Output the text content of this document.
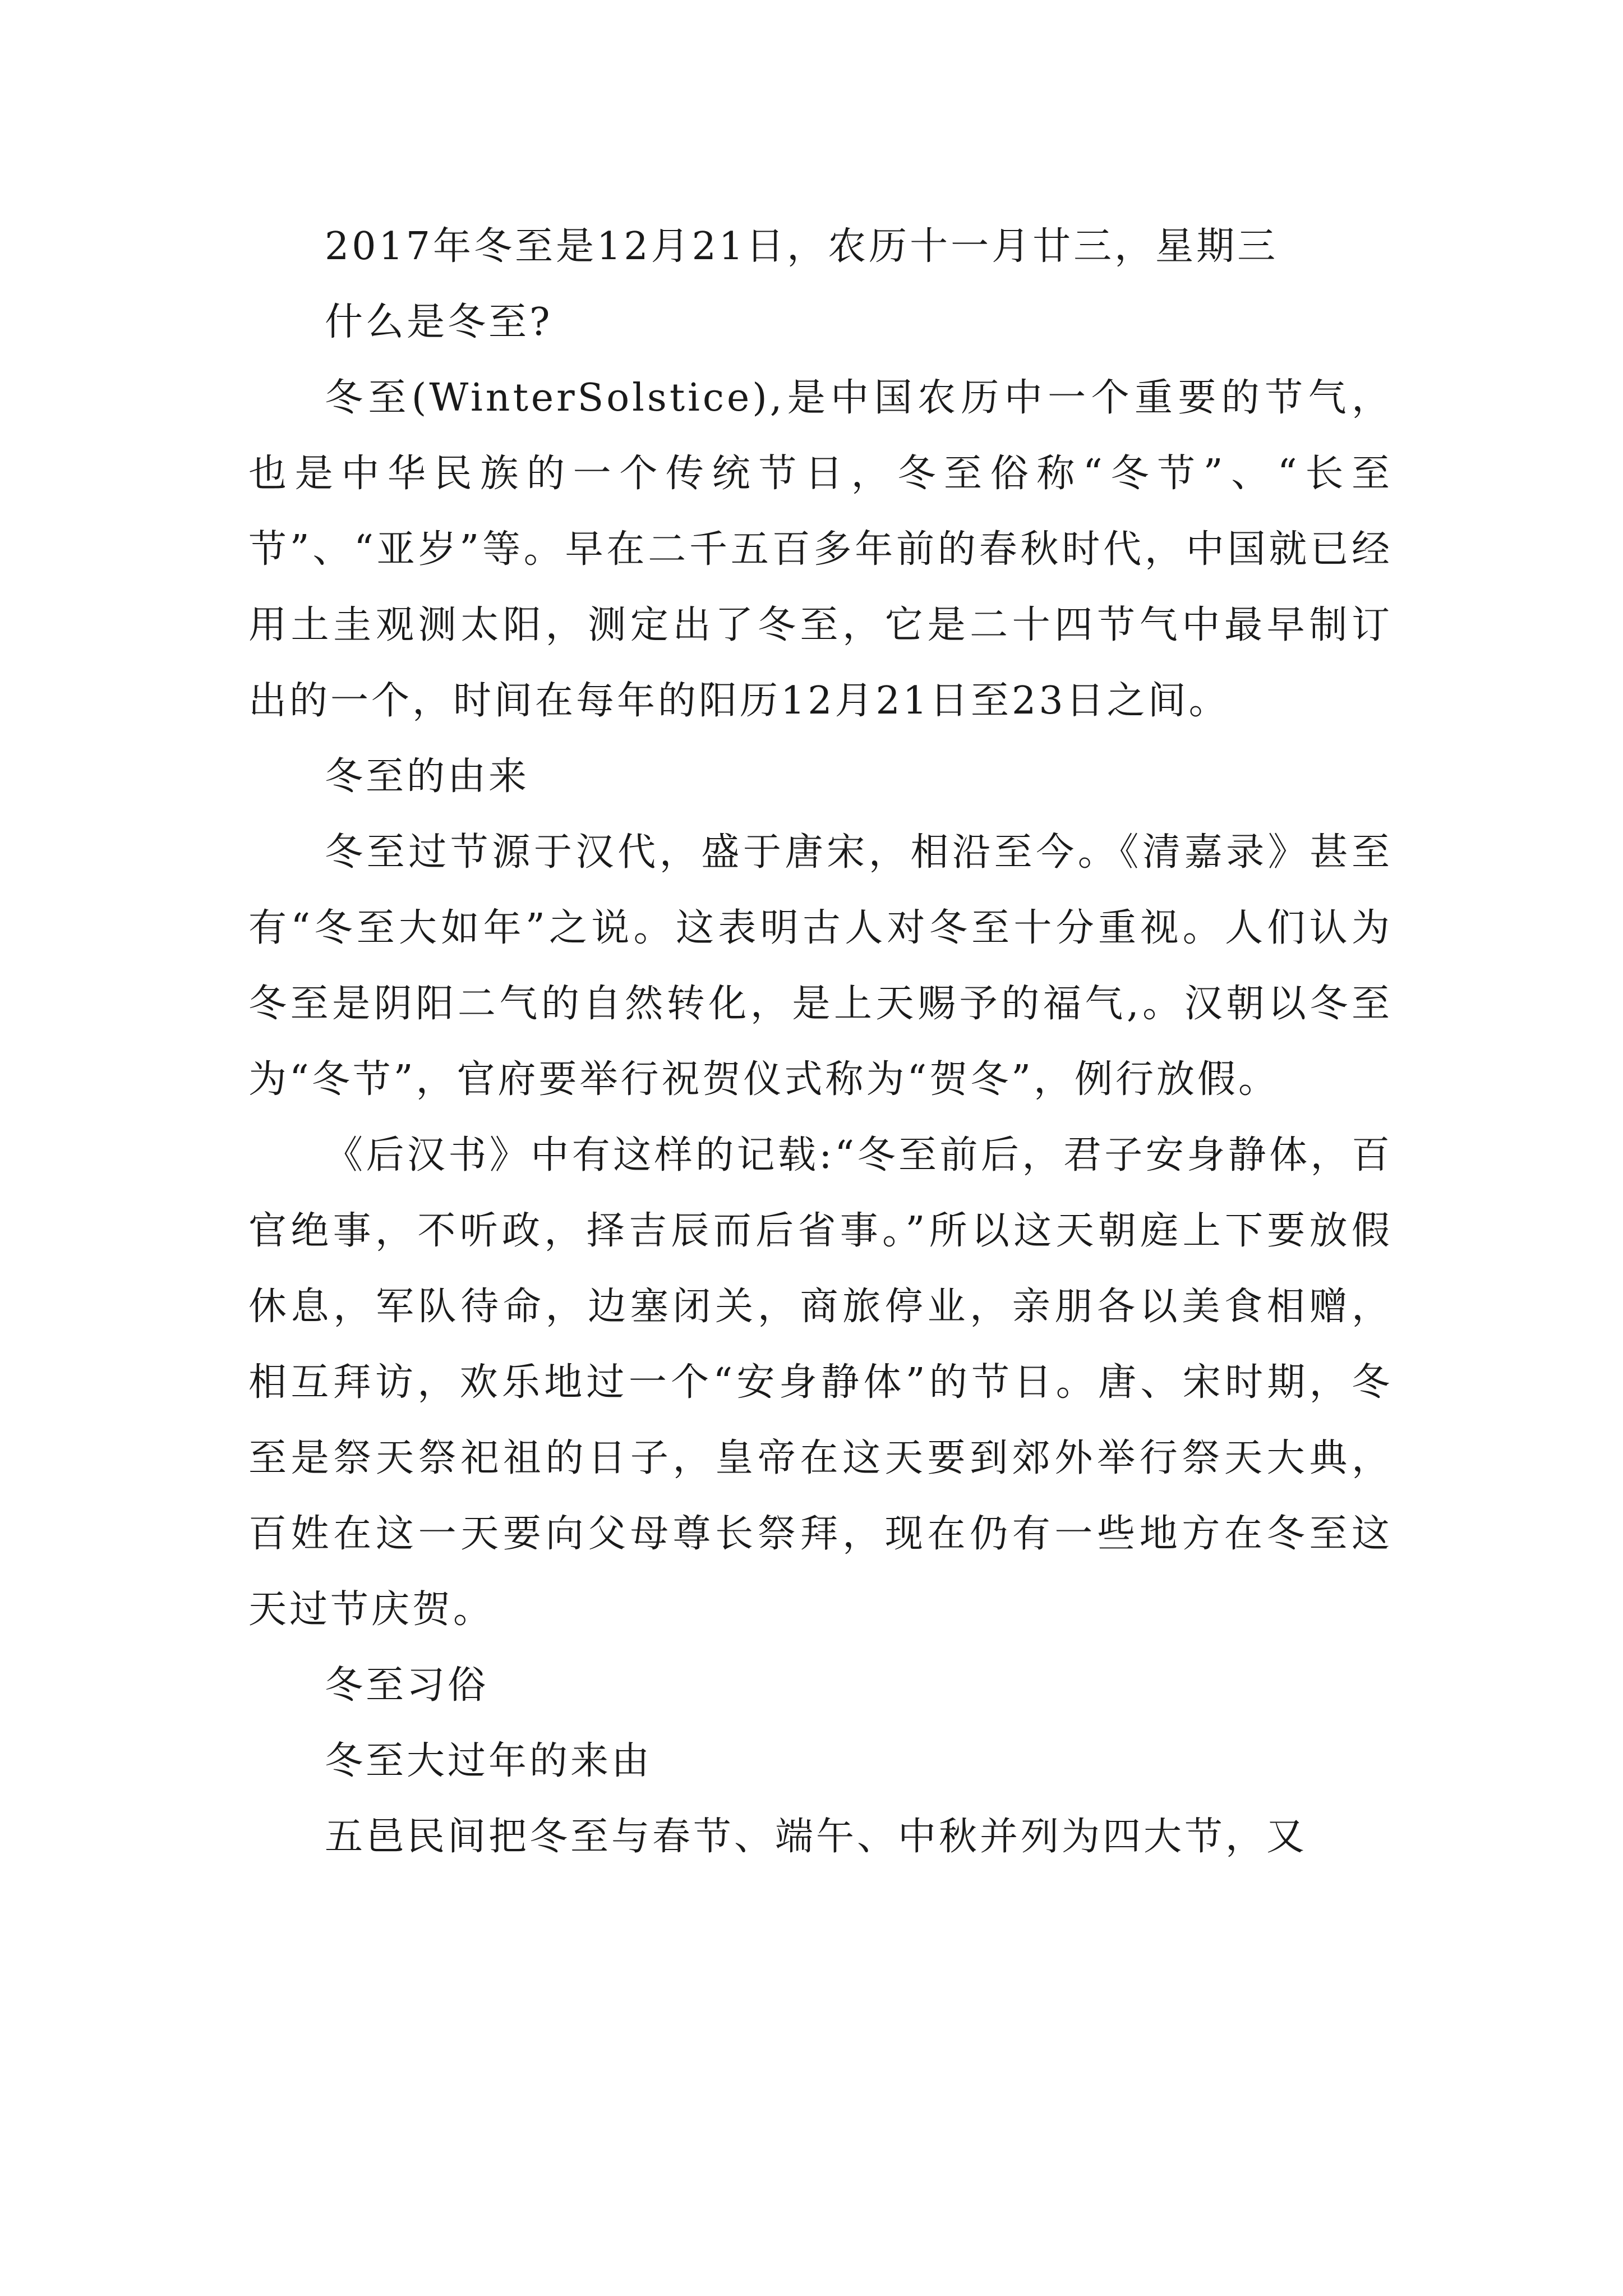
2017年冬至是12月21日，农历十一月廿三，星期三

什么是冬至?

冬至(WinterSolstice),是中国农历中一个重要的节气，也是中华民族的一个传统节日，冬至俗称“冬节”、“长至节”、“亚岁”等。早在二千五百多年前的春秋时代，中国就已经用土圭观测太阳，测定出了冬至，它是二十四节气中最早制订出的一个，时间在每年的阳历12月21日至23日之间。

冬至的由来

冬至过节源于汉代，盛于唐宋，相沿至今。《清嘉录》甚至有“冬至大如年”之说。这表明古人对冬至十分重视。人们认为冬至是阴阳二气的自然转化，是上天赐予的福气,。汉朝以冬至为“冬节”，官府要举行祝贺仪式称为“贺冬”，例行放假。

《后汉书》中有这样的记载:“冬至前后，君子安身静体，百官绝事，不听政，择吉辰而后省事。”所以这天朝庭上下要放假休息，军队待命，边塞闭关，商旅停业，亲朋各以美食相赠，相互拜访，欢乐地过一个“安身静体”的节日。唐、宋时期，冬至是祭天祭祀祖的日子，皇帝在这天要到郊外举行祭天大典，百姓在这一天要向父母尊长祭拜，现在仍有一些地方在冬至这天过节庆贺。

冬至习俗

冬至大过年的来由

五邑民间把冬至与春节、端午、中秋并列为四大节，又
